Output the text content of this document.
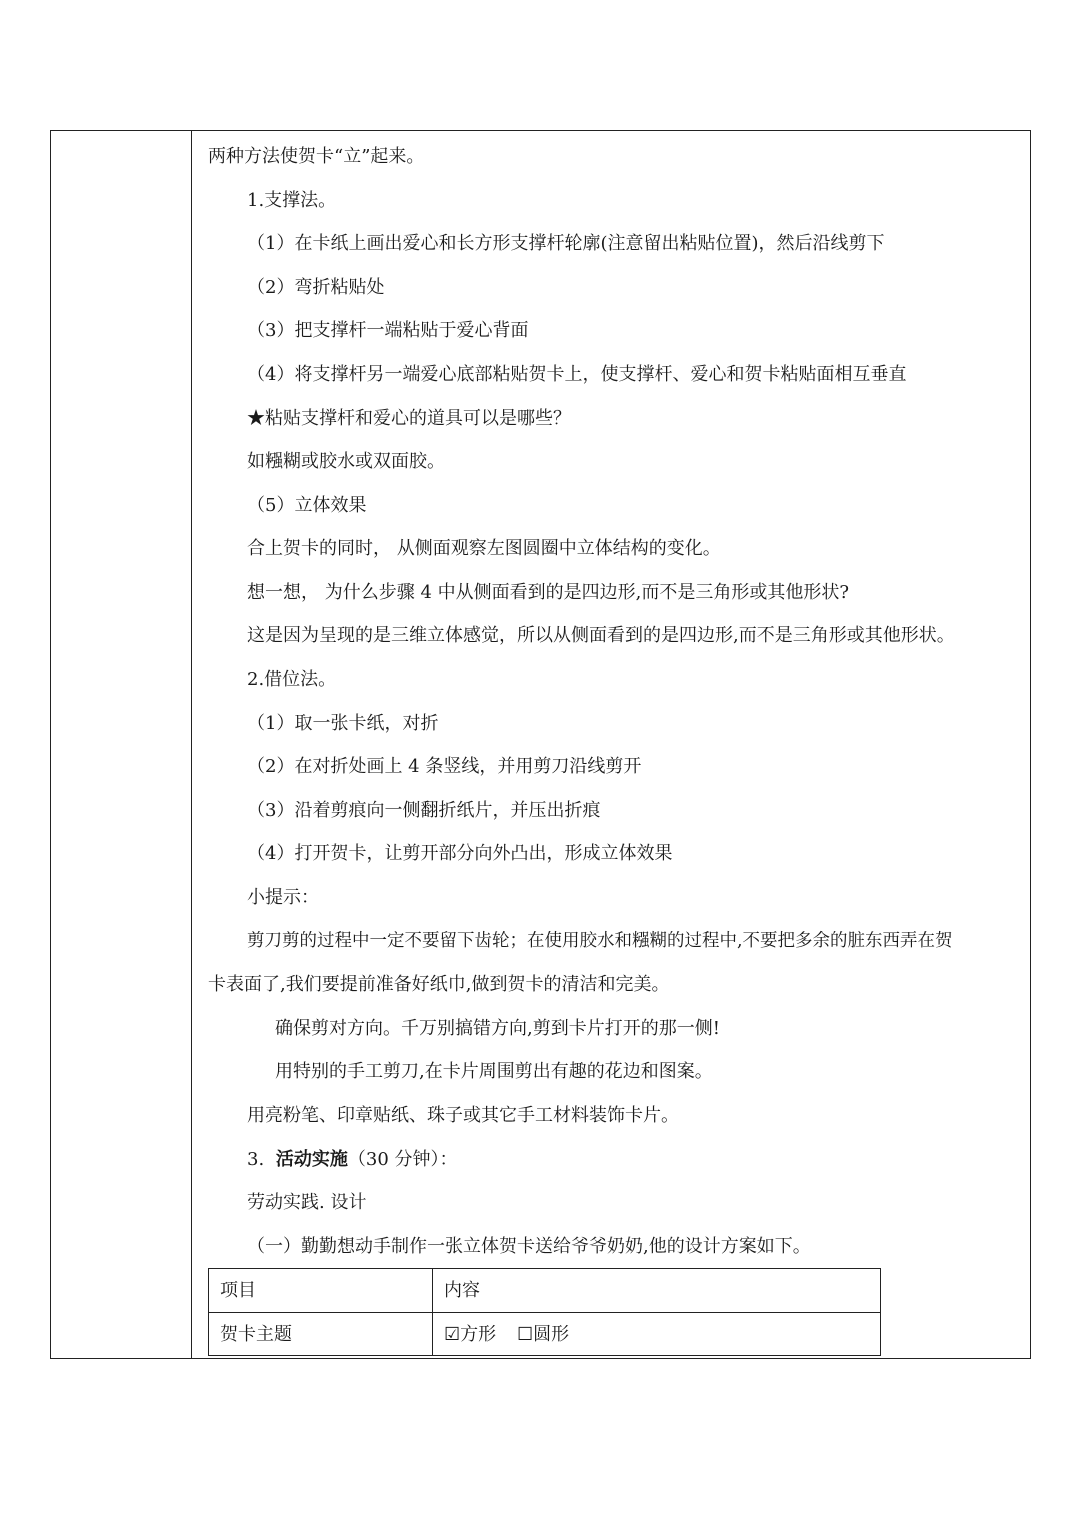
两种方法使贺卡“立”起来。
1.支撑法。
（1）在卡纸上画出爱心和长方形支撑杆轮廓(注意留出粘贴位置)，然后沿线剪下
（2）弯折粘贴处
（3）把支撑杆一端粘贴于爱心背面
（4）将支撑杆另一端爱心底部粘贴贺卡上，使支撑杆、爱心和贺卡粘贴面相互垂直
★粘贴支撑杆和爱心的道具可以是哪些？
如糨糊或胶水或双面胶。
（5）立体效果
合上贺卡的同时， 从侧面观察左图圆圈中立体结构的变化。
想一想， 为什么步骤 4 中从侧面看到的是四边形,而不是三角形或其他形状?
这是因为呈现的是三维立体感觉，所以从侧面看到的是四边形,而不是三角形或其他形状。
2.借位法。
（1）取一张卡纸，对折
（2）在对折处画上 4 条竖线，并用剪刀沿线剪开
（3）沿着剪痕向一侧翻折纸片，并压出折痕
（4）打开贺卡，让剪开部分向外凸出，形成立体效果
小提示：
剪刀剪的过程中一定不要留下齿轮；在使用胶水和糨糊的过程中,不要把多余的脏东西弄在贺
卡表面了,我们要提前准备好纸巾,做到贺卡的清洁和完美。
确保剪对方向。千万别搞错方向,剪到卡片打开的那一侧!
用特别的手工剪刀,在卡片周围剪出有趣的花边和图案。
用亮粉笔、印章贴纸、珠子或其它手工材料装饰卡片。
3. 活动实施（30 分钟）：
劳动实践. 设计
（一）勤勤想动手制作一张立体贺卡送给爷爷奶奶,他的设计方案如下。
项目	内容
贺卡主题	☑方形 ☐圆形
